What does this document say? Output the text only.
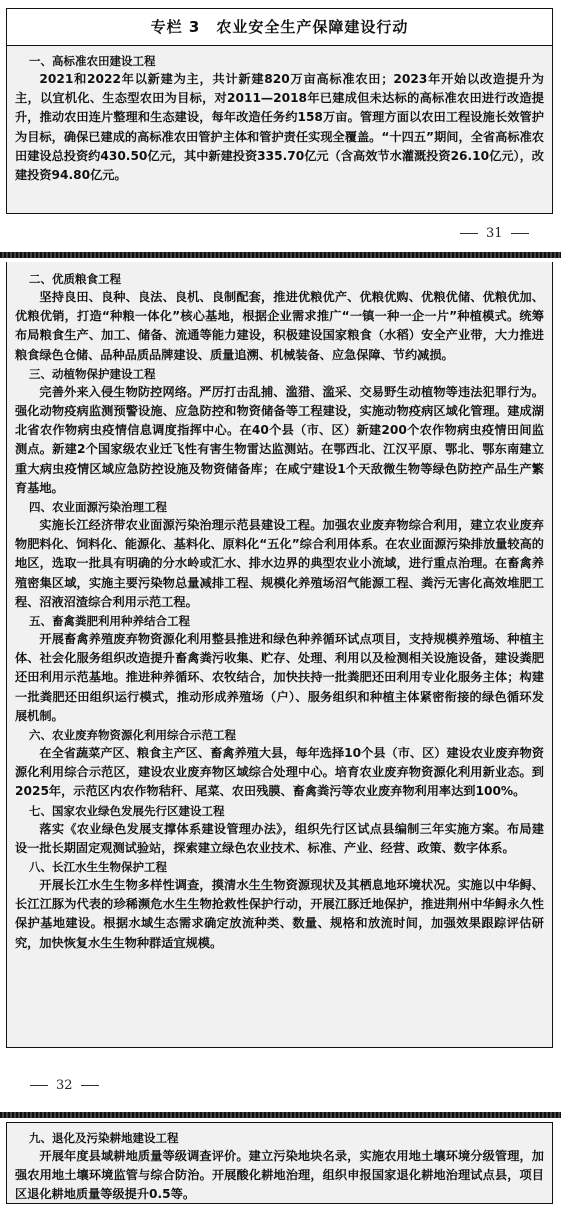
专栏 3　农业安全生产保障建设行动

一、高标准农田建设工程

2021和2022年以新建为主，共计新建820万亩高标准农田；2023年开始以改造提升为主，以宜机化、生态型农田为目标，对2011—2018年已建成但未达标的高标准农田进行改造提升，推动农田连片整理和生态建设，每年改造任务约158万亩。管理方面以农田工程设施长效管护为目标，确保已建成的高标准农田管护主体和管护责任实现全覆盖。“十四五”期间，全省高标准农田建设总投资约430.50亿元，其中新建投资335.70亿元（含高效节水灌溉投资26.10亿元），改建投资94.80亿元。

31

二、优质粮食工程

坚持良田、良种、良法、良机、良制配套，推进优粮优产、优粮优购、优粮优储、优粮优加、优粮优销，打造“种粮一体化”核心基地，根据企业需求推广“一镇一种一企一片”种植模式。统筹布局粮食生产、加工、储备、流通等能力建设，积极建设国家粮食（水稻）安全产业带，大力推进粮食绿色仓储、品种品质品牌建设、质量追溯、机械装备、应急保障、节约减损。

三、动植物保护建设工程

完善外来入侵生物防控网络。严厉打击乱捕、滥猎、滥采、交易野生动植物等违法犯罪行为。强化动物疫病监测预警设施、应急防控和物资储备等工程建设，实施动物疫病区域化管理。建成湖北省农作物病虫疫情信息调度指挥中心。在40个县（市、区）新建200个农作物病虫疫情田间监测点。新建2个国家级农业迁飞性有害生物雷达监测站。在鄂西北、江汉平原、鄂北、鄂东南建立重大病虫疫情区域应急防控设施及物资储备库；在咸宁建设1个天敌微生物等绿色防控产品生产繁育基地。

四、农业面源污染治理工程

实施长江经济带农业面源污染治理示范县建设工程。加强农业废弃物综合利用，建立农业废弃物肥料化、饲料化、能源化、基料化、原料化“五化”综合利用体系。在农业面源污染排放量较高的地区，选取一批具有明确的分水岭或汇水、排水边界的典型农业小流域，进行重点治理。在畜禽养殖密集区域，实施主要污染物总量减排工程、规模化养殖场沼气能源工程、粪污无害化高效堆肥工程、沼液沼渣综合利用示范工程。

五、畜禽粪肥利用种养结合工程

开展畜禽养殖废弃物资源化利用整县推进和绿色种养循环试点项目，支持规模养殖场、种植主体、社会化服务组织改造提升畜禽粪污收集、贮存、处理、利用以及检测相关设施设备，建设粪肥还田利用示范基地。推进种养循环、农牧结合，加快扶持一批粪肥还田利用专业化服务主体；构建一批粪肥还田组织运行模式，推动形成养殖场（户）、服务组织和种植主体紧密衔接的绿色循环发展机制。

六、农业废弃物资源化利用综合示范工程

在全省蔬菜产区、粮食主产区、畜禽养殖大县，每年选择10个县（市、区）建设农业废弃物资源化利用综合示范区，建设农业废弃物区域综合处理中心。培育农业废弃物资源化利用新业态。到2025年，示范区内农作物秸秆、尾菜、农田残膜、畜禽粪污等农业废弃物利用率达到100%。

七、国家农业绿色发展先行区建设工程

落实《农业绿色发展支撑体系建设管理办法》，组织先行区试点县编制三年实施方案。布局建设一批长期固定观测试验站，探索建立绿色农业技术、标准、产业、经营、政策、数字体系。

八、长江水生生物保护工程

开展长江水生生物多样性调查，摸清水生生物资源现状及其栖息地环境状况。实施以中华鲟、长江江豚为代表的珍稀濒危水生生物抢救性保护行动，开展江豚迁地保护，推进荆州中华鲟永久性保护基地建设。根据水域生态需求确定放流种类、数量、规格和放流时间，加强效果跟踪评估研究，加快恢复水生生物种群适宜规模。

32

九、退化及污染耕地建设工程

开展年度县域耕地质量等级调查评价。建立污染地块名录，实施农用地土壤环境分级管理，加强农用地土壤环境监管与综合防治。开展酸化耕地治理，组织申报国家退化耕地治理试点县，项目区退化耕地质量等级提升0.5等。
